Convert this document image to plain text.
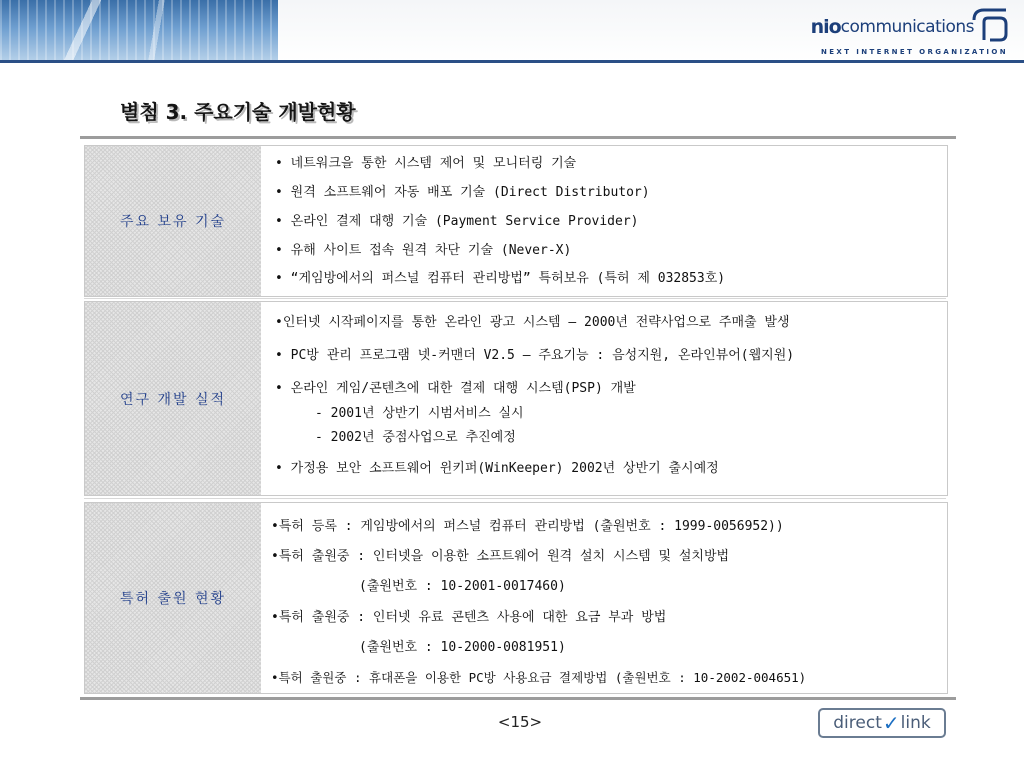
nio communications
NEXT INTERNET ORGANIZATION
별첨 3. 주요기술 개발현황
주요 보유 기술
• 네트워크을 통한 시스템 제어 및 모니터링 기술
• 원격 소프트웨어 자동 배포 기술 (Direct Distributor)
• 온라인 결제 대행 기술 (Payment Service Provider)
• 유해 사이트 접속 원격 차단 기술 (Never-X)
• “게임방에서의 퍼스널 컴퓨터 관리방법” 특허보유 (특허 제 032853호)
연구 개발 실적
•인터넷 시작페이지를 통한 온라인 광고 시스템 – 2000년 전략사업으로 주매출 발생
• PC방 관리 프로그램 넷-커맨더 V2.5 – 주요기능 : 음성지원, 온라인뷰어(웹지원)
• 온라인 게임/콘텐츠에 대한 결제 대행 시스템(PSP) 개발
- 2001년 상반기 시범서비스 실시
- 2002년 중점사업으로 추진예정
• 가정용 보안 소프트웨어 윈키퍼(WinKeeper) 2002년 상반기 출시예정
특허 출원 현황
•특허 등록 : 게임방에서의 퍼스널 컴퓨터 관리방법 (출원번호 : 1999-0056952))
•특허 출원중 : 인터넷을 이용한 소프트웨어 원격 설치 시스템 및 설치방법
(출원번호 : 10-2001-0017460)
•특허 출원중 : 인터넷 유료 콘텐츠 사용에 대한 요금 부과 방법
(출원번호 : 10-2000-0081951)
•특허 출원중 : 휴대폰을 이용한 PC방 사용요금 결제방법 (출원번호 : 10-2002-004651)
<15>	direct ✓ link
